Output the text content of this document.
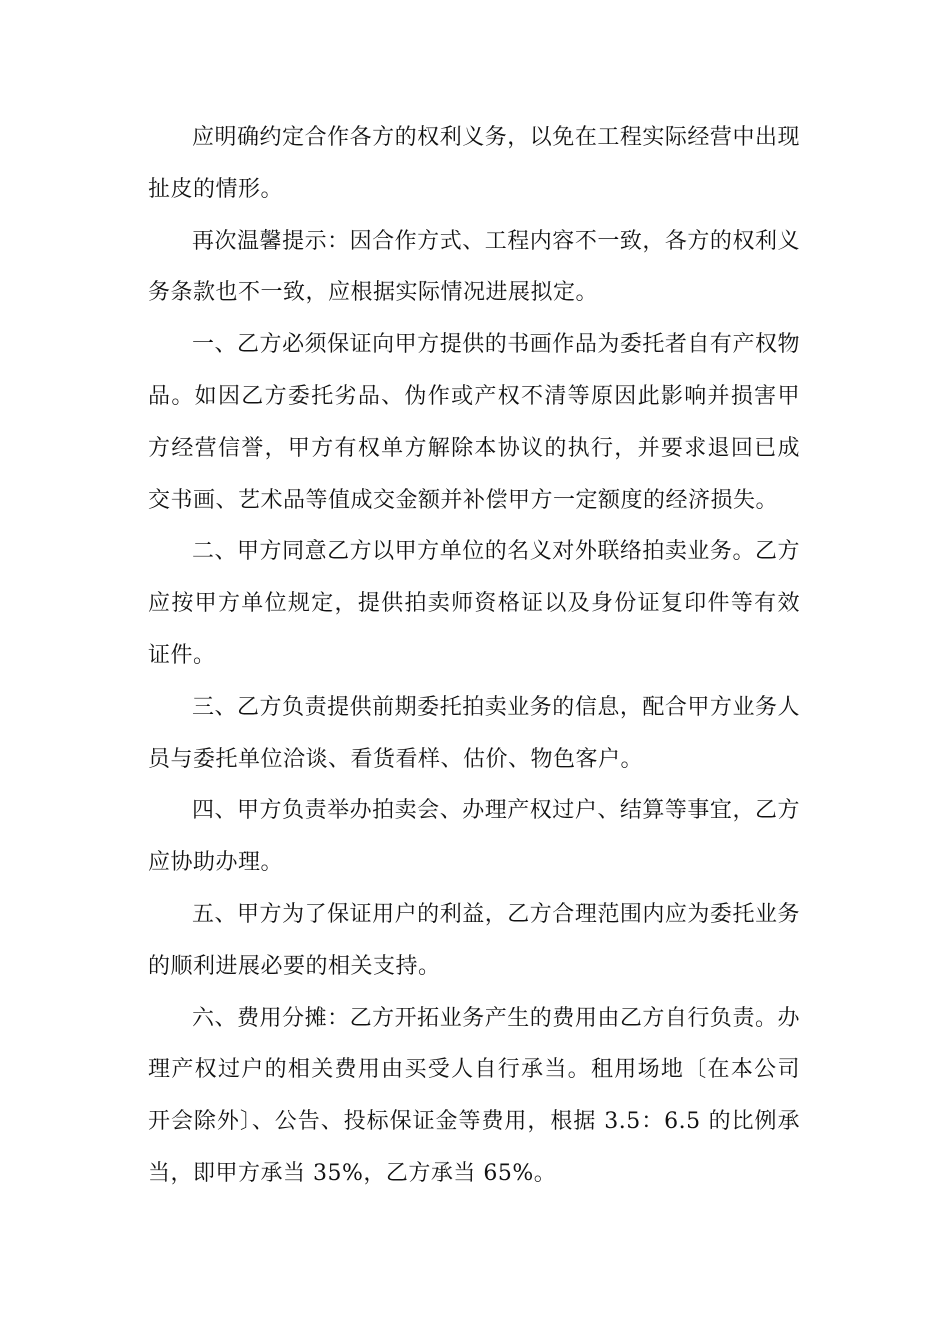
应明确约定合作各方的权利义务，以免在工程实际经营中出现扯皮的情形。

再次温馨提示：因合作方式、工程内容不一致，各方的权利义务条款也不一致，应根据实际情况进展拟定。

一、乙方必须保证向甲方提供的书画作品为委托者自有产权物品。如因乙方委托劣品、伪作或产权不清等原因此影响并损害甲方经营信誉，甲方有权单方解除本协议的执行，并要求退回已成交书画、艺术品等值成交金额并补偿甲方一定额度的经济损失。

二、甲方同意乙方以甲方单位的名义对外联络拍卖业务。乙方应按甲方单位规定，提供拍卖师资格证以及身份证复印件等有效证件。

三、乙方负责提供前期委托拍卖业务的信息，配合甲方业务人员与委托单位洽谈、看货看样、估价、物色客户。

四、甲方负责举办拍卖会、办理产权过户、结算等事宜，乙方应协助办理。

五、甲方为了保证用户的利益，乙方合理范围内应为委托业务的顺利进展必要的相关支持。

六、费用分摊：乙方开拓业务产生的费用由乙方自行负责。办理产权过户的相关费用由买受人自行承当。租用场地〔在本公司开会除外〕、公告、投标保证金等费用，根据 3.5：6.5 的比例承当，即甲方承当 35%，乙方承当 65%。
